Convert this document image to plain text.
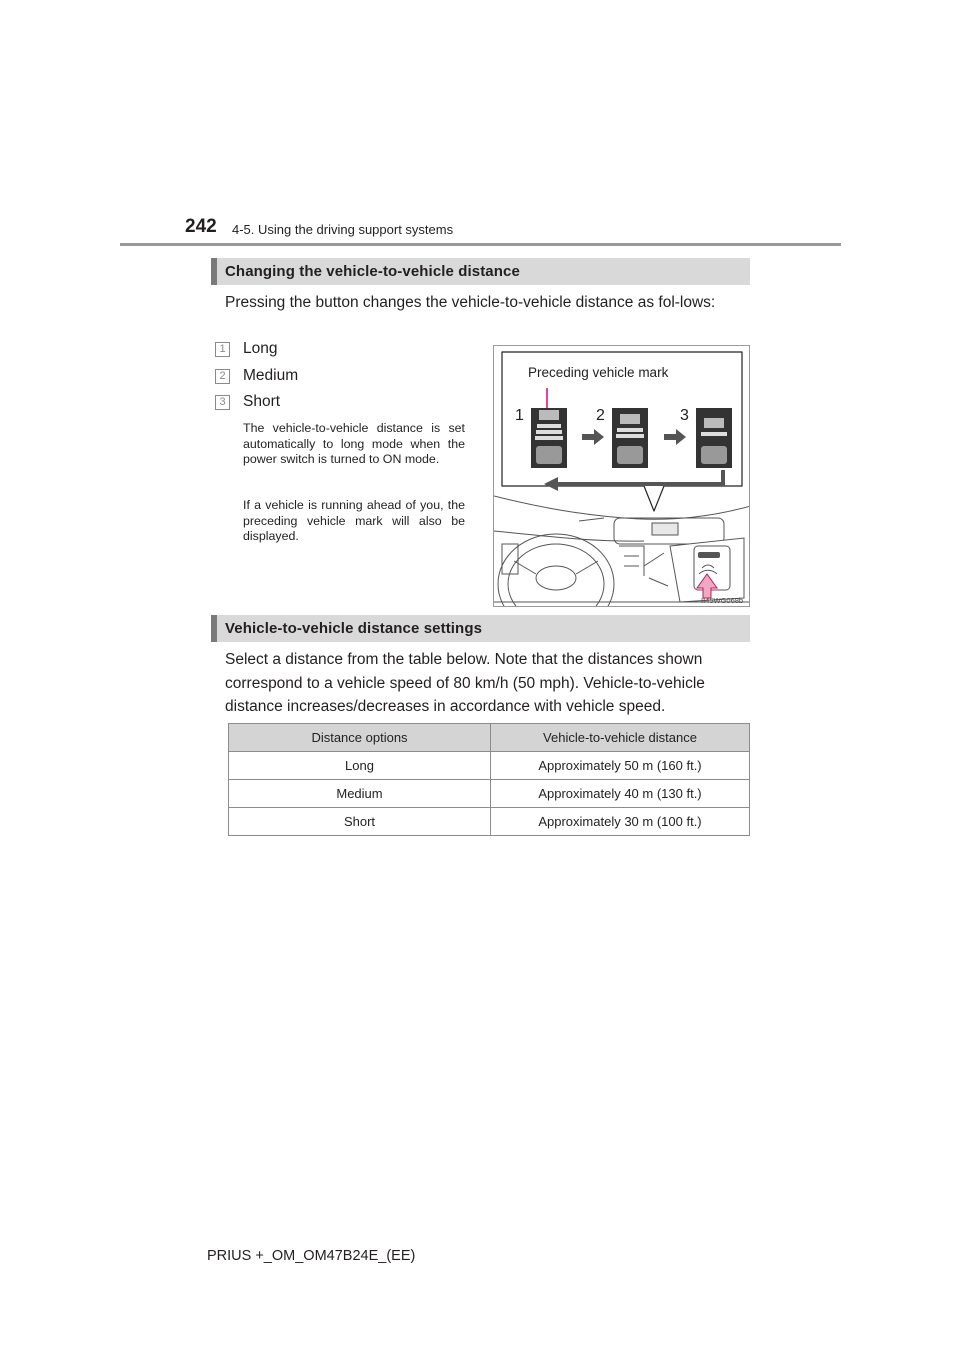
242 4-5. Using the driving support systems
Changing the vehicle-to-vehicle distance
Pressing the button changes the vehicle-to-vehicle distance as fol-lows:
1 Long
2 Medium
3 Short
The vehicle-to-vehicle distance is set automatically to long mode when the power switch is turned to ON mode.
If a vehicle is running ahead of you, the preceding vehicle mark will also be displayed.
1	2	3
Preceding vehicle mark
II45WG068b
Vehicle-to-vehicle distance settings
Select a distance from the table below. Note that the distances shown correspond to a vehicle speed of 80 km/h (50 mph). Vehicle-to-vehicle distance increases/decreases in accordance with vehicle speed.
Distance options	Vehicle-to-vehicle distance
Long	Approximately 50 m (160 ft.)
Medium	Approximately 40 m (130 ft.)
Short	Approximately 30 m (100 ft.)
PRIUS +_OM_OM47B24E_(EE)
